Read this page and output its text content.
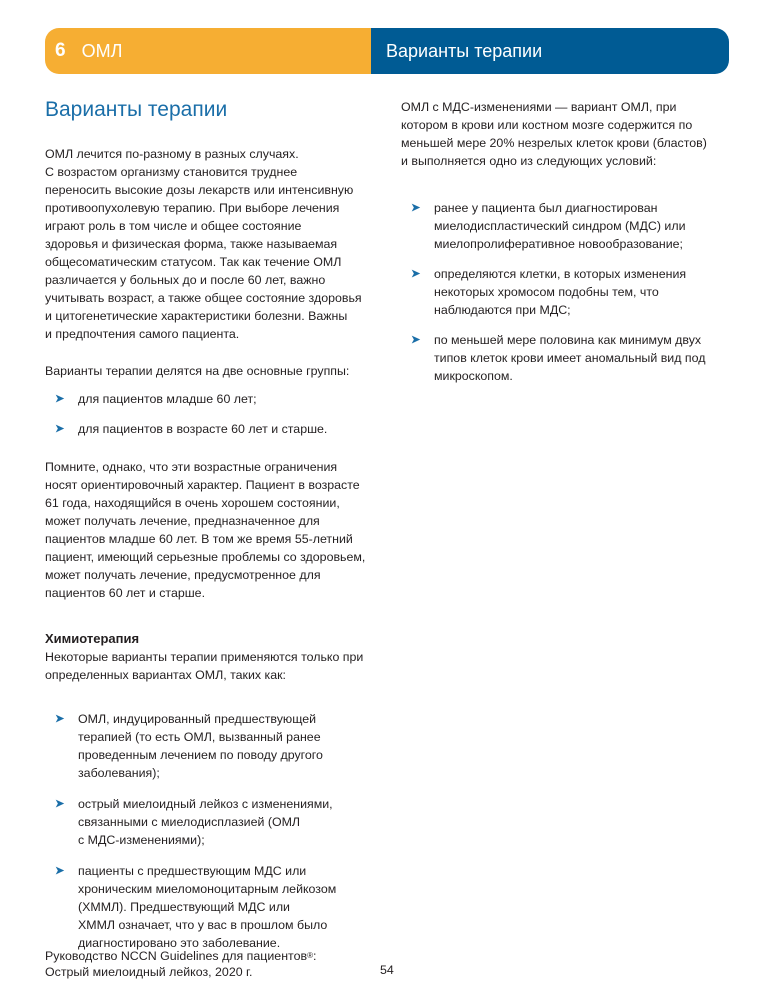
6 ОМЛ	Варианты терапии
Варианты терапии

ОМЛ лечится по-разному в разных случаях.
С возрастом организму становится труднее
переносить высокие дозы лекарств или интенсивную
противоопухолевую терапию. При выборе лечения
играют роль в том числе и общее состояние
здоровья и физическая форма, также называемая
общесоматическим статусом. Так как течение ОМЛ
различается у больных до и после 60 лет, важно
учитывать возраст, а также общее состояние здоровья
и цитогенетические характеристики болезни. Важны
и предпочтения самого пациента.

Варианты терапии делятся на две основные группы:

➤ для пациентов младше 60 лет;
➤ для пациентов в возрасте 60 лет и старше.

Помните, однако, что эти возрастные ограничения
носят ориентировочный характер. Пациент в возрасте
61 года, находящийся в очень хорошем состоянии,
может получать лечение, предназначенное для
пациентов младше 60 лет. В том же время 55-летний
пациент, имеющий серьезные проблемы со здоровьем,
может получать лечение, предусмотренное для
пациентов 60 лет и старше.

Химиотерапия

Некоторые варианты терапии применяются только при
определенных вариантах ОМЛ, таких как:

➤ ОМЛ, индуцированный предшествующей
терапией (то есть ОМЛ, вызванный ранее
проведенным лечением по поводу другого
заболевания);
➤ острый миелоидный лейкоз с изменениями,
связанными с миелодисплазией (ОМЛ
с МДС-изменениями);
➤ пациенты с предшествующим МДС или
хроническим миеломоноцитарным лейкозом
(ХММЛ). Предшествующий МДС или
ХММЛ означает, что у вас в прошлом было
диагностировано это заболевание.

ОМЛ с МДС-изменениями — вариант ОМЛ, при
котором в крови или костном мозге содержится по
меньшей мере 20% незрелых клеток крови (бластов)
и выполняется одно из следующих условий:

➤ ранее у пациента был диагностирован
миелодиспластический синдром (МДС) или
миелопролиферативное новообразование;
➤ определяются клетки, в которых изменения
некоторых хромосом подобны тем, что
наблюдаются при МДС;
➤ по меньшей мере половина как минимум двух
типов клеток крови имеет аномальный вид под
микроскопом.
Руководство NCCN Guidelines для пациентов®:
Острый миелоидный лейкоз, 2020 г.	54
